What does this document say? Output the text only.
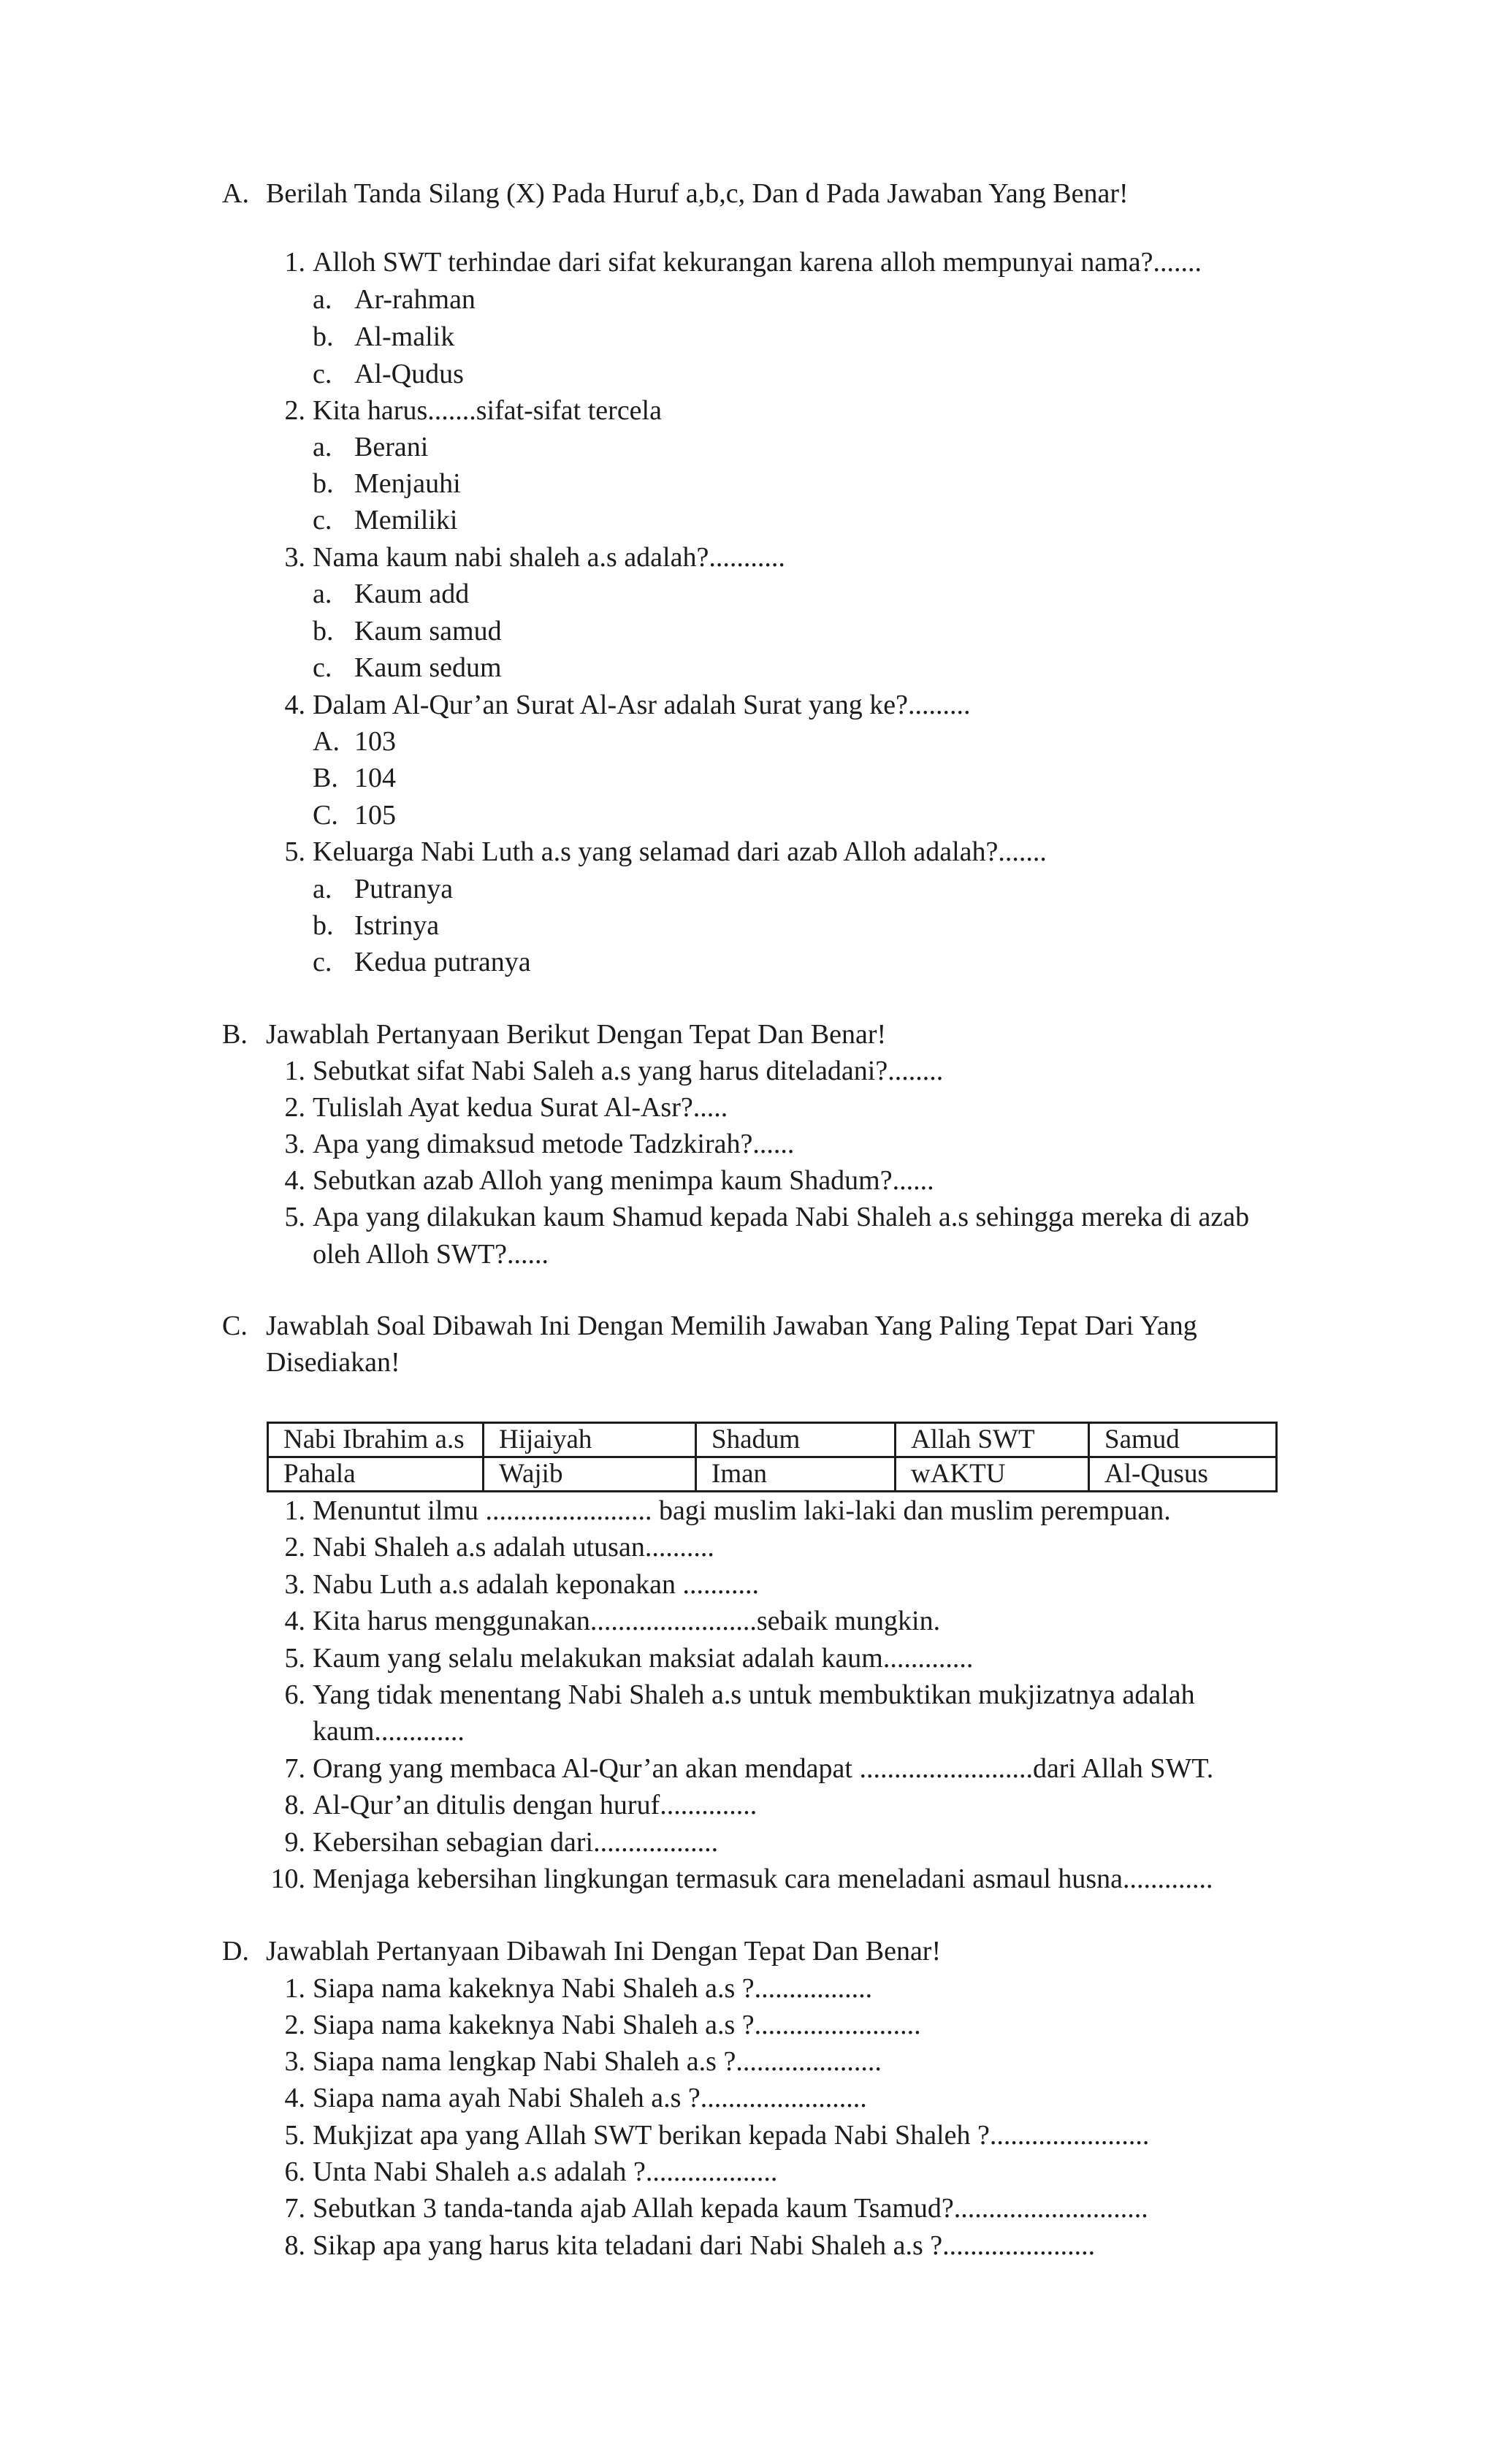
A. Berilah Tanda Silang (X) Pada Huruf a,b,c, Dan d Pada Jawaban Yang Benar!
1. Alloh SWT terhindae dari sifat kekurangan karena alloh mempunyai nama?.......
a. Ar-rahman
b. Al-malik
c. Al-Qudus
2. Kita harus.......sifat-sifat tercela
a. Berani
b. Menjauhi
c. Memiliki
3. Nama kaum nabi shaleh a.s adalah?...........
a. Kaum add
b. Kaum samud
c. Kaum sedum
4. Dalam Al-Qur’an Surat Al-Asr adalah Surat yang ke?.........
A. 103
B. 104
C. 105
5. Keluarga Nabi Luth a.s yang selamad dari azab Alloh adalah?.......
a. Putranya
b. Istrinya
c. Kedua putranya
B. Jawablah Pertanyaan Berikut Dengan Tepat Dan Benar!
1. Sebutkat sifat Nabi Saleh a.s yang harus diteladani?........
2. Tulislah Ayat kedua Surat Al-Asr?.....
3. Apa yang dimaksud metode Tadzkirah?......
4. Sebutkan azab Alloh yang menimpa kaum Shadum?......
5. Apa yang dilakukan kaum Shamud kepada Nabi Shaleh a.s sehingga mereka di azab
oleh Alloh SWT?......
C. Jawablah Soal Dibawah Ini Dengan Memilih Jawaban Yang Paling Tepat Dari Yang
Disediakan!
Nabi Ibrahim a.s	Hijaiyah	Shadum	Allah SWT	Samud
Pahala	Wajib	Iman	wAKTU	Al-Qusus
1. Menuntut ilmu ........................ bagi muslim laki-laki dan muslim perempuan.
2. Nabi Shaleh a.s adalah utusan..........
3. Nabu Luth a.s adalah keponakan ...........
4. Kita harus menggunakan........................sebaik mungkin.
5. Kaum yang selalu melakukan maksiat adalah kaum.............
6. Yang tidak menentang Nabi Shaleh a.s untuk membuktikan mukjizatnya adalah
kaum.............
7. Orang yang membaca Al-Qur’an akan mendapat .........................dari Allah SWT.
8. Al-Qur’an ditulis dengan huruf..............
9. Kebersihan sebagian dari..................
10. Menjaga kebersihan lingkungan termasuk cara meneladani asmaul husna.............
D. Jawablah Pertanyaan Dibawah Ini Dengan Tepat Dan Benar!
1. Siapa nama kakeknya Nabi Shaleh a.s ?.................
2. Siapa nama kakeknya Nabi Shaleh a.s ?........................
3. Siapa nama lengkap Nabi Shaleh a.s ?.....................
4. Siapa nama ayah Nabi Shaleh a.s ?........................
5. Mukjizat apa yang Allah SWT berikan kepada Nabi Shaleh ?.......................
6. Unta Nabi Shaleh a.s adalah ?...................
7. Sebutkan 3 tanda-tanda ajab Allah kepada kaum Tsamud?............................
8. Sikap apa yang harus kita teladani dari Nabi Shaleh a.s ?......................
